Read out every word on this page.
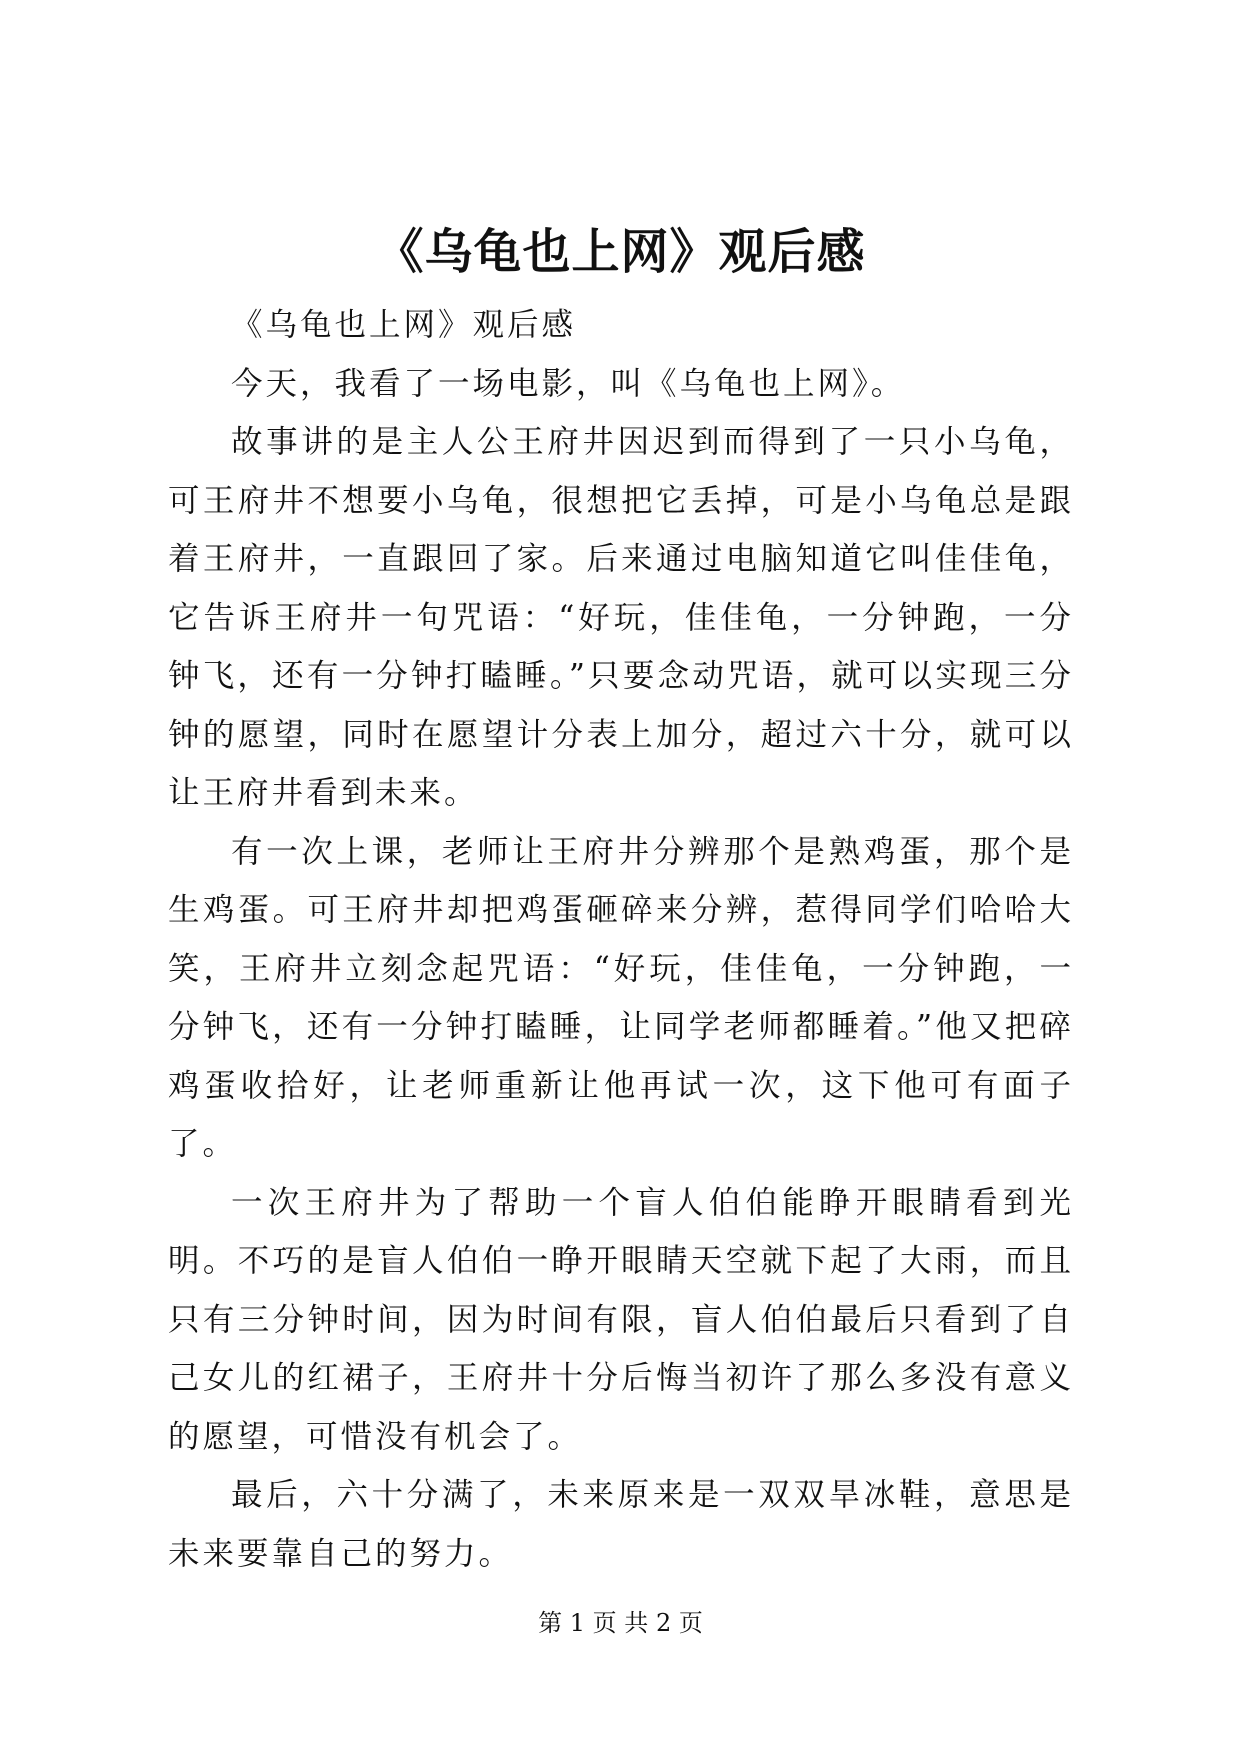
《乌龟也上网》观后感

《乌龟也上网》观后感

今天，我看了一场电影，叫《乌龟也上网》。

故事讲的是主人公王府井因迟到而得到了一只小乌龟，可王府井不想要小乌龟，很想把它丢掉，可是小乌龟总是跟着王府井，一直跟回了家。后来通过电脑知道它叫佳佳龟，它告诉王府井一句咒语：“好玩，佳佳龟，一分钟跑，一分钟飞，还有一分钟打瞌睡。”只要念动咒语，就可以实现三分钟的愿望，同时在愿望计分表上加分，超过六十分，就可以让王府井看到未来。

有一次上课，老师让王府井分辨那个是熟鸡蛋，那个是生鸡蛋。可王府井却把鸡蛋砸碎来分辨，惹得同学们哈哈大笑，王府井立刻念起咒语：“好玩，佳佳龟，一分钟跑，一分钟飞，还有一分钟打瞌睡，让同学老师都睡着。”他又把碎鸡蛋收拾好，让老师重新让他再试一次，这下他可有面子了。

一次王府井为了帮助一个盲人伯伯能睁开眼睛看到光明。不巧的是盲人伯伯一睁开眼睛天空就下起了大雨，而且只有三分钟时间，因为时间有限，盲人伯伯最后只看到了自己女儿的红裙子，王府井十分后悔当初许了那么多没有意义的愿望，可惜没有机会了。

最后，六十分满了，未来原来是一双双旱冰鞋，意思是未来要靠自己的努力。

第 1 页 共 2 页
